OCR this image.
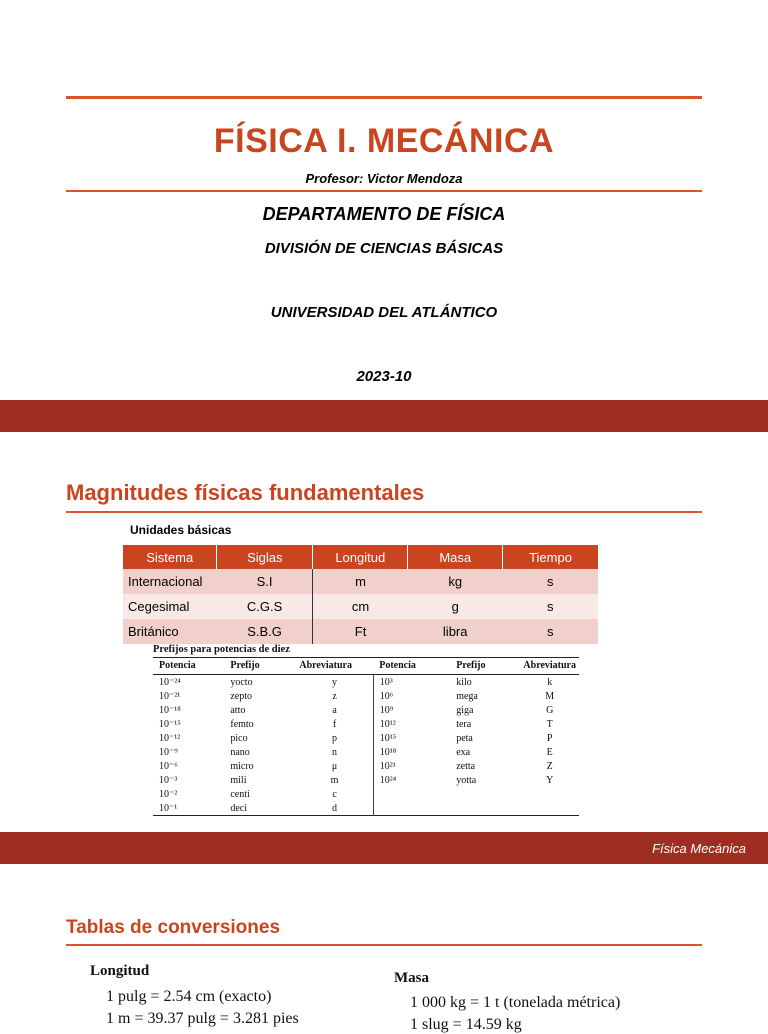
FÍSICA I. MECÁNICA
Profesor: Victor Mendoza
DEPARTAMENTO DE FÍSICA
DIVISIÓN DE CIENCIAS BÁSICAS
UNIVERSIDAD DEL ATLÁNTICO
2023-10
Magnitudes físicas fundamentales
Unidades básicas
Sistema	Siglas	Longitud	Masa	Tiempo
Internacional	S.I	m	kg	s
Cegesimal	C.G.S	cm	g	s
Británico	S.B.G	Ft	libra	s
Prefijos para potencias de diez
Potencia	Prefijo	Abreviatura	Potencia	Prefijo	Abreviatura
10⁻²⁴	yocto	y	10³	kilo	k
10⁻²¹	zepto	z	10⁶	mega	M
10⁻¹⁸	atto	a	10⁹	giga	G
10⁻¹⁵	femto	f	10¹²	tera	T
10⁻¹²	pico	p	10¹⁵	peta	P
10⁻⁹	nano	n	10¹⁸	exa	E
10⁻⁶	micro	μ	10²¹	zetta	Z
10⁻³	mili	m	10²⁴	yotta	Y
10⁻²	centi	c			
10⁻¹	deci	d			
Física Mecánica
Tablas de conversiones
Longitud
1 pulg = 2.54 cm (exacto)
1 m = 39.37 pulg = 3.281 pies
Masa
1 000 kg = 1 t (tonelada métrica)
1 slug = 14.59 kg
